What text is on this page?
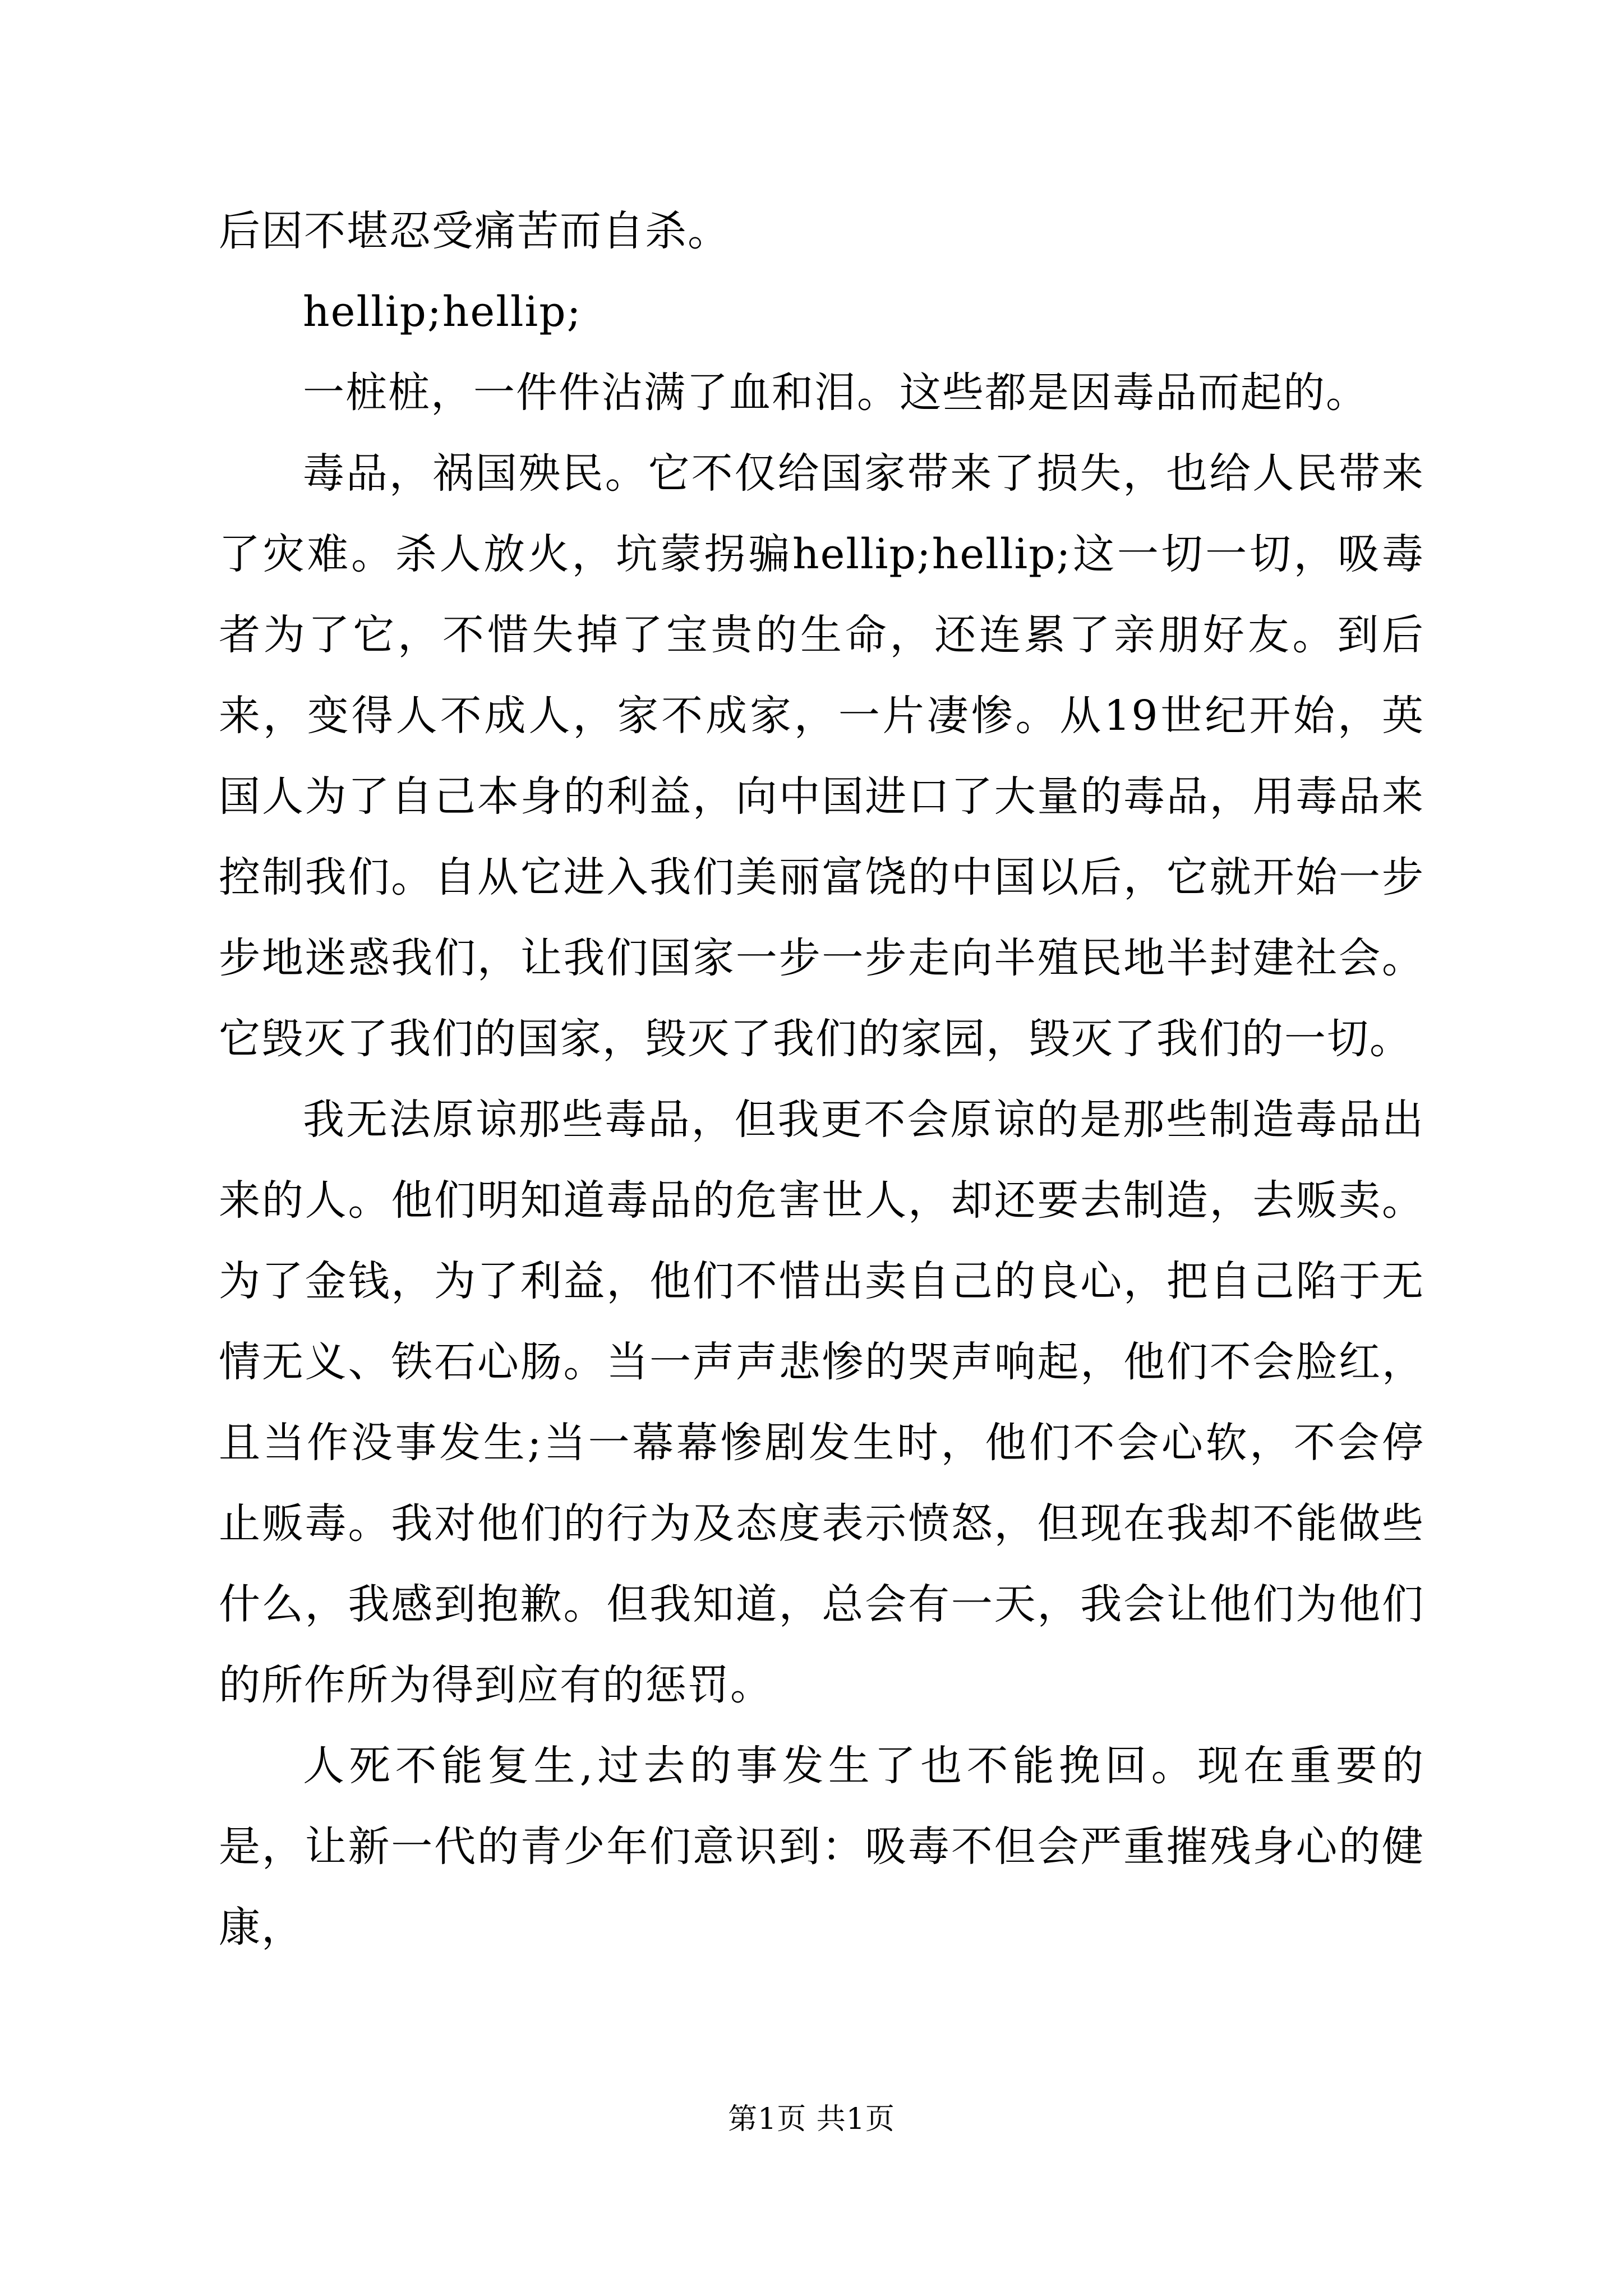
后因不堪忍受痛苦而自杀。

hellip;hellip;

一桩桩，一件件沾满了血和泪。这些都是因毒品而起的。

毒品，祸国殃民。它不仅给国家带来了损失，也给人民带来了灾难。杀人放火，坑蒙拐骗hellip;hellip;这一切一切，吸毒者为了它，不惜失掉了宝贵的生命，还连累了亲朋好友。到后来，变得人不成人，家不成家，一片凄惨。从19世纪开始，英国人为了自己本身的利益，向中国进口了大量的毒品，用毒品来控制我们。自从它进入我们美丽富饶的中国以后，它就开始一步步地迷惑我们，让我们国家一步一步走向半殖民地半封建社会。它毁灭了我们的国家，毁灭了我们的家园，毁灭了我们的一切。

我无法原谅那些毒品，但我更不会原谅的是那些制造毒品出来的人。他们明知道毒品的危害世人，却还要去制造，去贩卖。为了金钱，为了利益，他们不惜出卖自己的良心，把自己陷于无情无义、铁石心肠。当一声声悲惨的哭声响起，他们不会脸红，且当作没事发生;当一幕幕惨剧发生时，他们不会心软，不会停止贩毒。我对他们的行为及态度表示愤怒，但现在我却不能做些什么，我感到抱歉。但我知道，总会有一天，我会让他们为他们的所作所为得到应有的惩罚。

人死不能复生,过去的事发生了也不能挽回。现在重要的是，让新一代的青少年们意识到：吸毒不但会严重摧残身心的健康，

第1页 共1页
